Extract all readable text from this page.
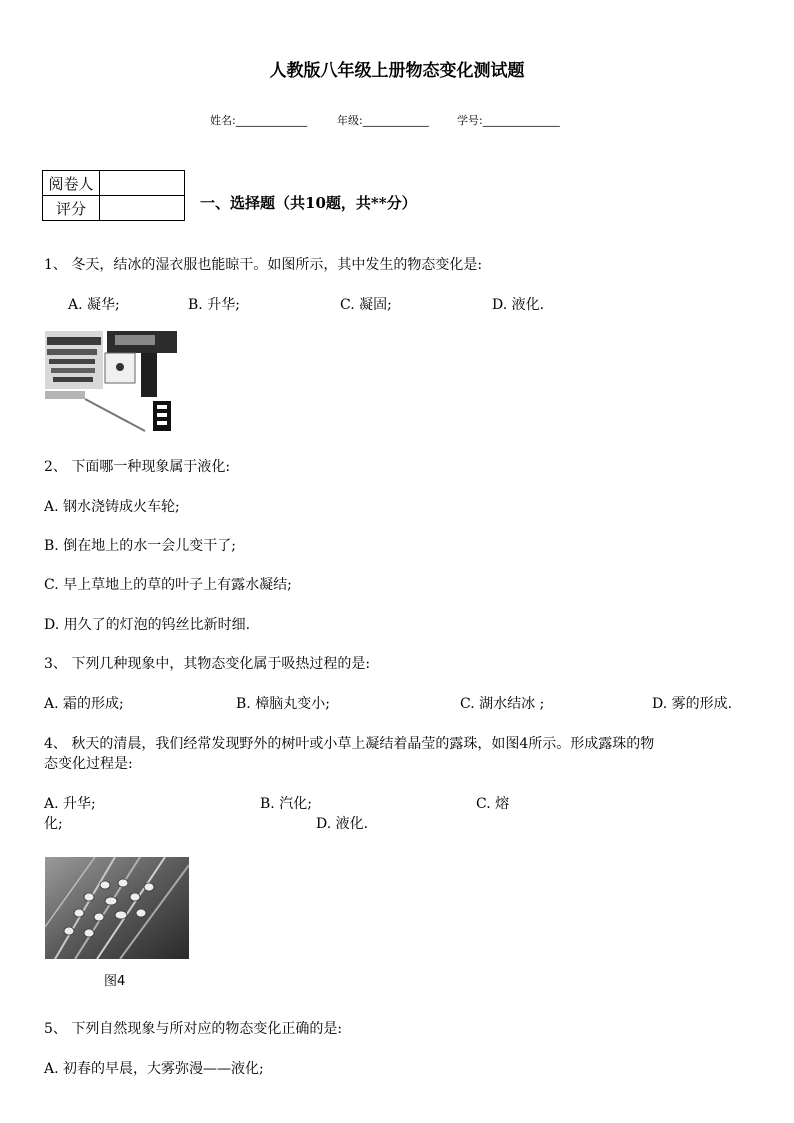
人教版八年级上册物态变化测试题
姓名:_____________	年级:____________	学号:______________
阅卷人	
评分		一、选择题（共10题，共**分）
1、 冬天，结冰的湿衣服也能晾干。如图所示，其中发生的物态变化是:
A. 凝华;	B. 升华;	C. 凝固;	D. 液化.
2、 下面哪一种现象属于液化:
A. 钢水浇铸成火车轮;
B. 倒在地上的水一会儿变干了;
C. 早上草地上的草的叶子上有露水凝结;
D. 用久了的灯泡的钨丝比新时细.
3、 下列几种现象中，其物态变化属于吸热过程的是:
A. 霜的形成;	B. 樟脑丸变小;	C. 湖水结冰 ;	D. 雾的形成.
4、 秋天的清晨，我们经常发现野外的树叶或小草上凝结着晶莹的露珠，如图4所示。形成露珠的物
态变化过程是:
A. 升华;	B. 汽化;	C. 熔
化;	D. 液化.
图4
5、 下列自然现象与所对应的物态变化正确的是:
A. 初春的早晨，大雾弥漫——液化;
